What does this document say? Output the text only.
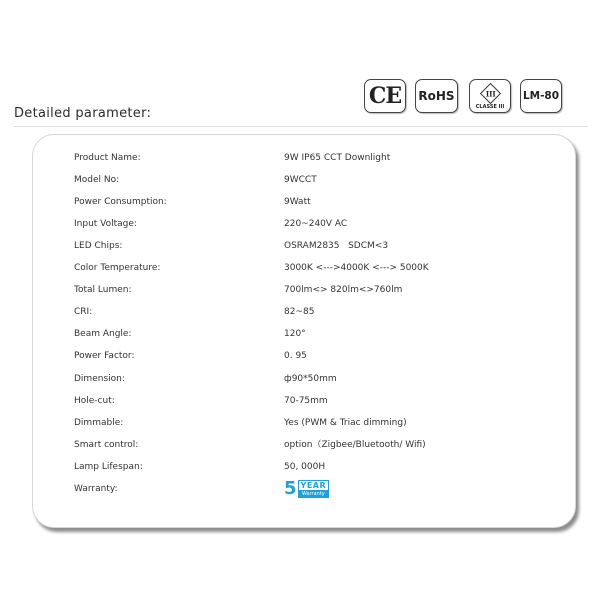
Detailed parameter:
CE RoHS	III
CLASSE III
LM-80
Product Name:	9W IP65 CCT Downlight
Model No:	9WCCT
Power Consumption:	9Watt
Input Voltage:	220~240V AC
LED Chips:	OSRAM2835   SDCM<3
Color Temperature:	3000K <--->4000K <---> 5000K
Total Lumen:	700lm<> 820lm<>760lm
CRI:	82~85
Beam Angle:	120°
Power Factor:	0. 95
Dimension:	ф90*50mm
Hole-cut:	70-75mm
Dimmable:	Yes (PWM & Triac dimming)
Smart control:	option（Zigbee/Bluetooth/ Wifi)
Lamp Lifespan:	50, 000H
Warranty:	5 YEAR
Warranty
